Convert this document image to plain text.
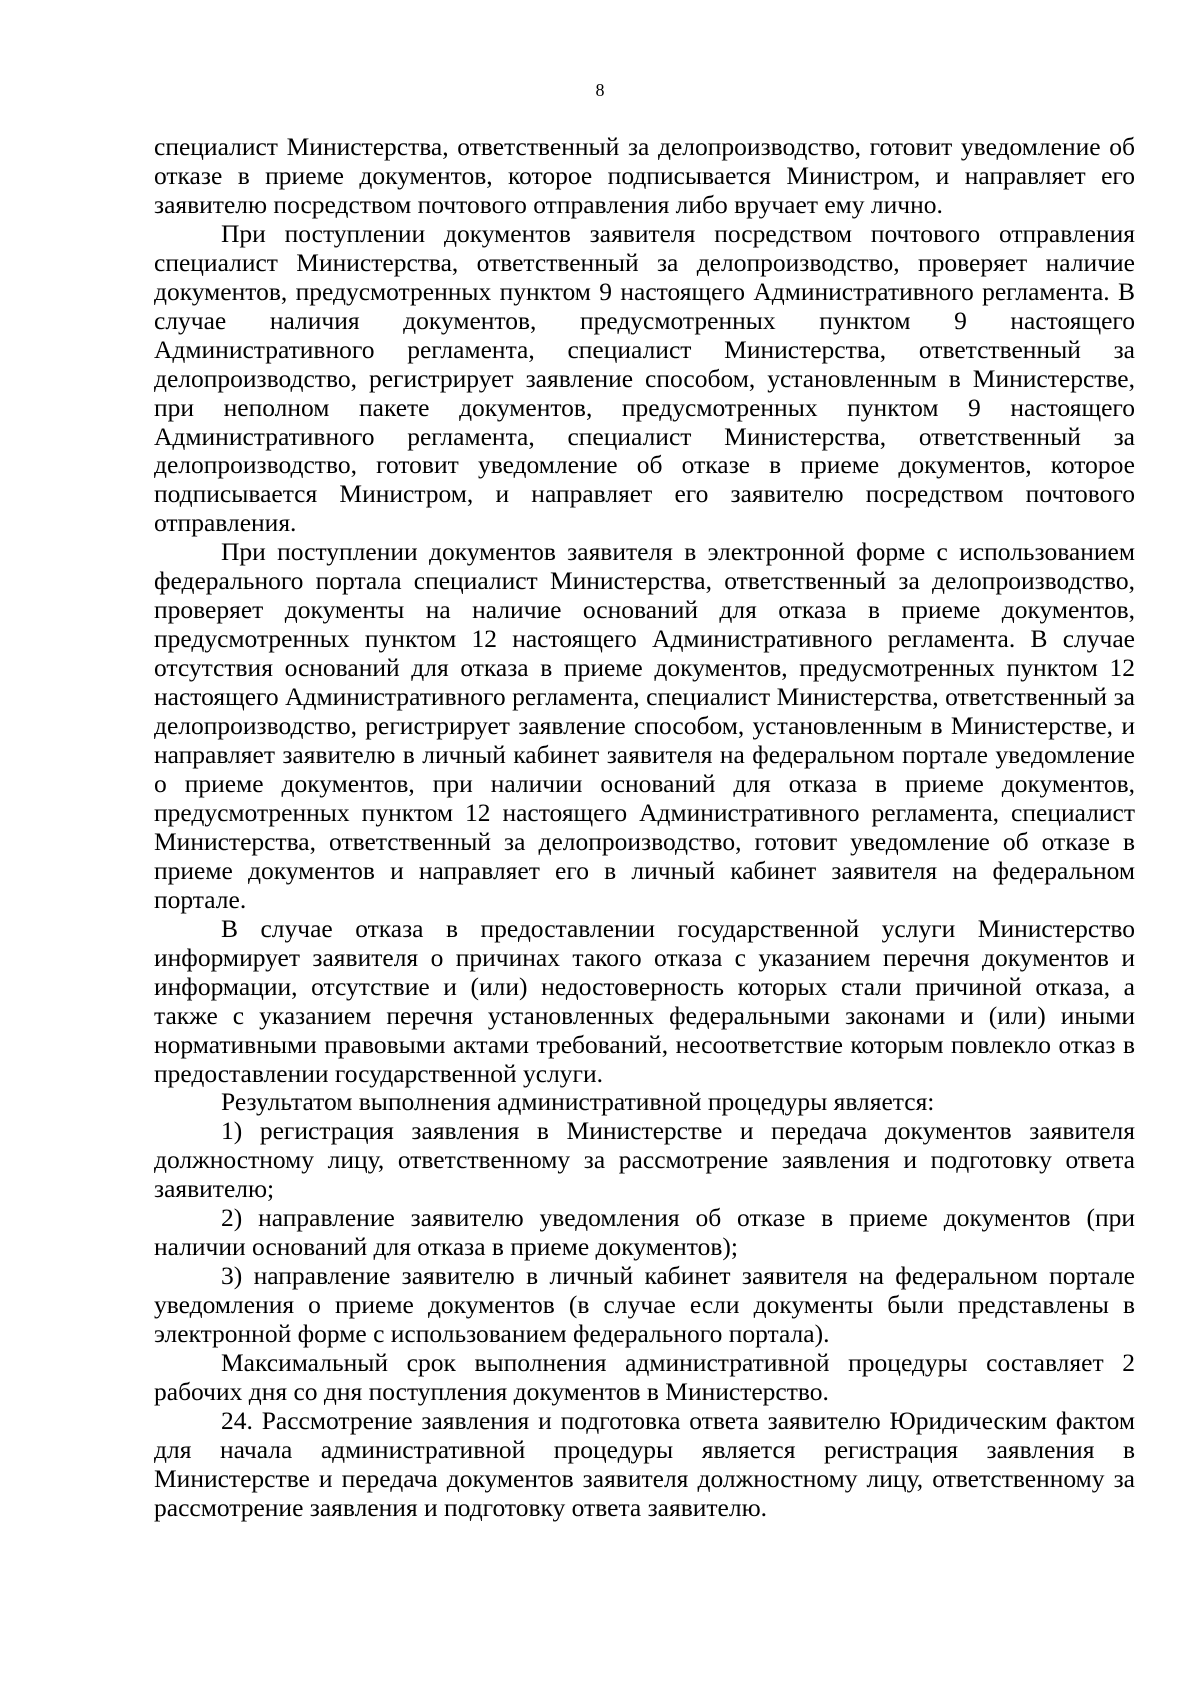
8

специалист Министерства, ответственный за делопроизводство, готовит уведомление об отказе в приеме документов, которое подписывается Министром, и направляет его заявителю посредством почтового отправления либо вручает ему лично.

При поступлении документов заявителя посредством почтового отправления специалист Министерства, ответственный за делопроизводство, проверяет наличие документов, предусмотренных пунктом 9 настоящего Административного регламента. В случае наличия документов, предусмотренных пунктом 9 настоящего Административного регламента, специалист Министерства, ответственный за делопроизводство, регистрирует заявление способом, установленным в Министерстве, при неполном пакете документов, предусмотренных пунктом 9 настоящего Административного регламента, специалист Министерства, ответственный за делопроизводство, готовит уведомление об отказе в приеме документов, которое подписывается Министром, и направляет его заявителю посредством почтового отправления.

При поступлении документов заявителя в электронной форме с использованием федерального портала специалист Министерства, ответственный за делопроизводство, проверяет документы на наличие оснований для отказа в приеме документов, предусмотренных пунктом 12 настоящего Административного регламента. В случае отсутствия оснований для отказа в приеме документов, предусмотренных пунктом 12 настоящего Административного регламента, специалист Министерства, ответственный за делопроизводство, регистрирует заявление способом, установленным в Министерстве, и направляет заявителю в личный кабинет заявителя на федеральном портале уведомление о приеме документов, при наличии оснований для отказа в приеме документов, предусмотренных пунктом 12 настоящего Административного регламента, специалист Министерства, ответственный за делопроизводство, готовит уведомление об отказе в приеме документов и направляет его в личный кабинет заявителя на федеральном портале.

В случае отказа в предоставлении государственной услуги Министерство информирует заявителя о причинах такого отказа с указанием перечня документов и информации, отсутствие и (или) недостоверность которых стали причиной отказа, а также с указанием перечня установленных федеральными законами и (или) иными нормативными правовыми актами требований, несоответствие которым повлекло отказ в предоставлении государственной услуги.

Результатом выполнения административной процедуры является:

1) регистрация заявления в Министерстве и передача документов заявителя должностному лицу, ответственному за рассмотрение заявления и подготовку ответа заявителю;

2) направление заявителю уведомления об отказе в приеме документов (при наличии оснований для отказа в приеме документов);

3) направление заявителю в личный кабинет заявителя на федеральном портале уведомления о приеме документов (в случае если документы были представлены в электронной форме с использованием федерального портала).

Максимальный срок выполнения административной процедуры составляет 2 рабочих дня со дня поступления документов в Министерство.

24. Рассмотрение заявления и подготовка ответа заявителю Юридическим фактом для начала административной процедуры является регистрация заявления в Министерстве и передача документов заявителя должностному лицу, ответственному за рассмотрение заявления и подготовку ответа заявителю.
